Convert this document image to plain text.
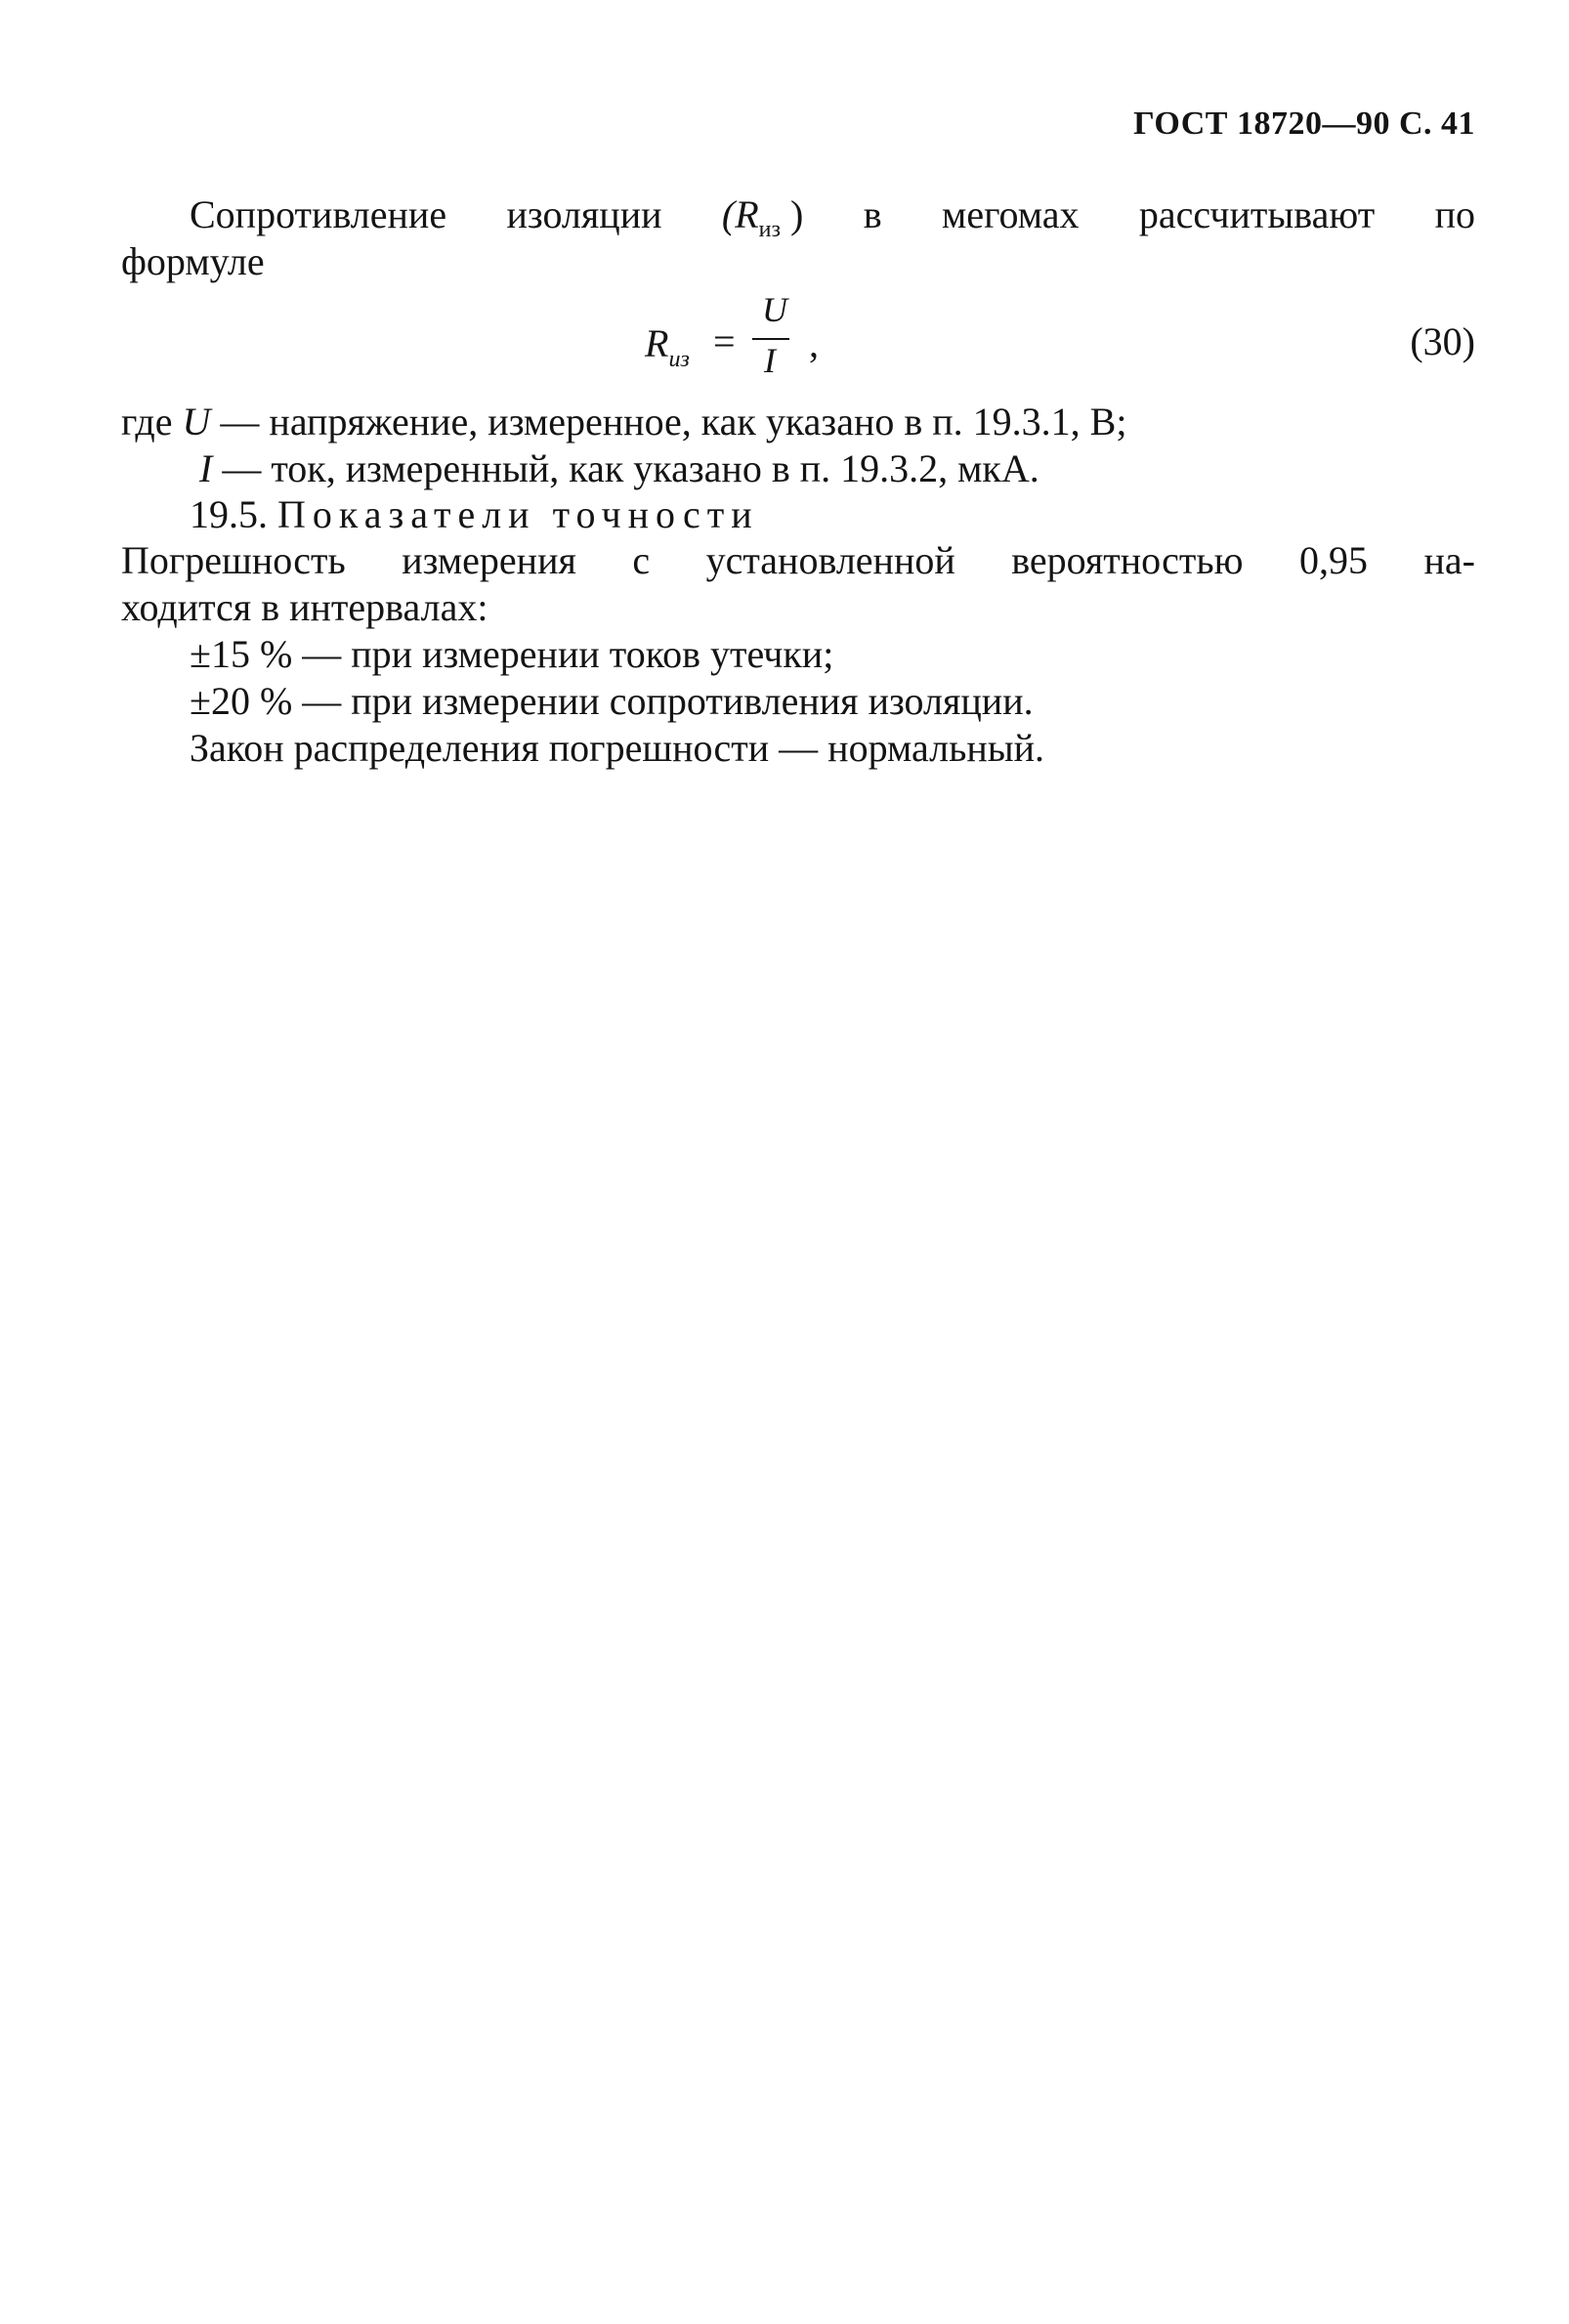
ГОСТ 18720—90 С. 41
Сопротивление изоляции ($R_{из}$ ) в мегомах рассчитывают по
формуле
$R_{из}$ =
U
I ,	(30)
где U — напряжение, измеренное, как указано в п. 19.3.1, В;
I — ток, измеренный, как указано в п. 19.3.2, мкА.
19.5. Показатели точности
Погрешность измерения с установленной вероятностью 0,95 на-
ходится в интервалах:
±15 % — при измерении токов утечки;
±20 % — при измерении сопротивления изоляции.
Закон распределения погрешности — нормальный.
